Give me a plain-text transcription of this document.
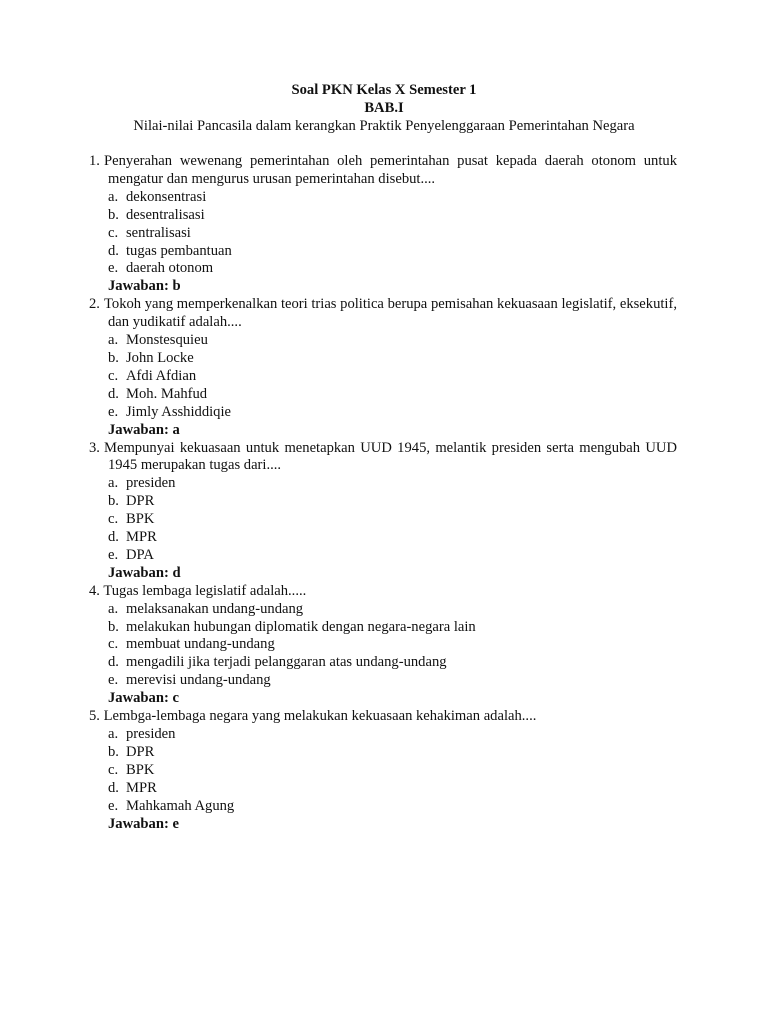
Soal PKN Kelas X Semester 1
BAB.I
Nilai-nilai Pancasila dalam kerangkan Praktik Penyelenggaraan Pemerintahan Negara
1. Penyerahan wewenang pemerintahan oleh pemerintahan pusat kepada daerah otonom untuk mengatur dan mengurus urusan pemerintahan disebut....
a. dekonsentrasi
b. desentralisasi
c. sentralisasi
d. tugas pembantuan
e. daerah otonom
Jawaban: b
2. Tokoh yang memperkenalkan teori trias politica berupa pemisahan kekuasaan legislatif, eksekutif, dan yudikatif adalah....
a. Monstesquieu
b. John Locke
c. Afdi Afdian
d. Moh. Mahfud
e. Jimly Asshiddiqie
Jawaban: a
3. Mempunyai kekuasaan untuk menetapkan UUD 1945, melantik presiden serta mengubah UUD 1945 merupakan tugas dari....
a. presiden
b. DPR
c. BPK
d. MPR
e. DPA
Jawaban: d
4. Tugas lembaga legislatif adalah.....
a. melaksanakan undang-undang
b. melakukan hubungan diplomatik dengan negara-negara lain
c. membuat undang-undang
d. mengadili jika terjadi pelanggaran atas undang-undang
e. merevisi undang-undang
Jawaban: c
5. Lembga-lembaga negara yang melakukan kekuasaan kehakiman adalah....
a. presiden
b. DPR
c. BPK
d. MPR
e. Mahkamah Agung
Jawaban: e
